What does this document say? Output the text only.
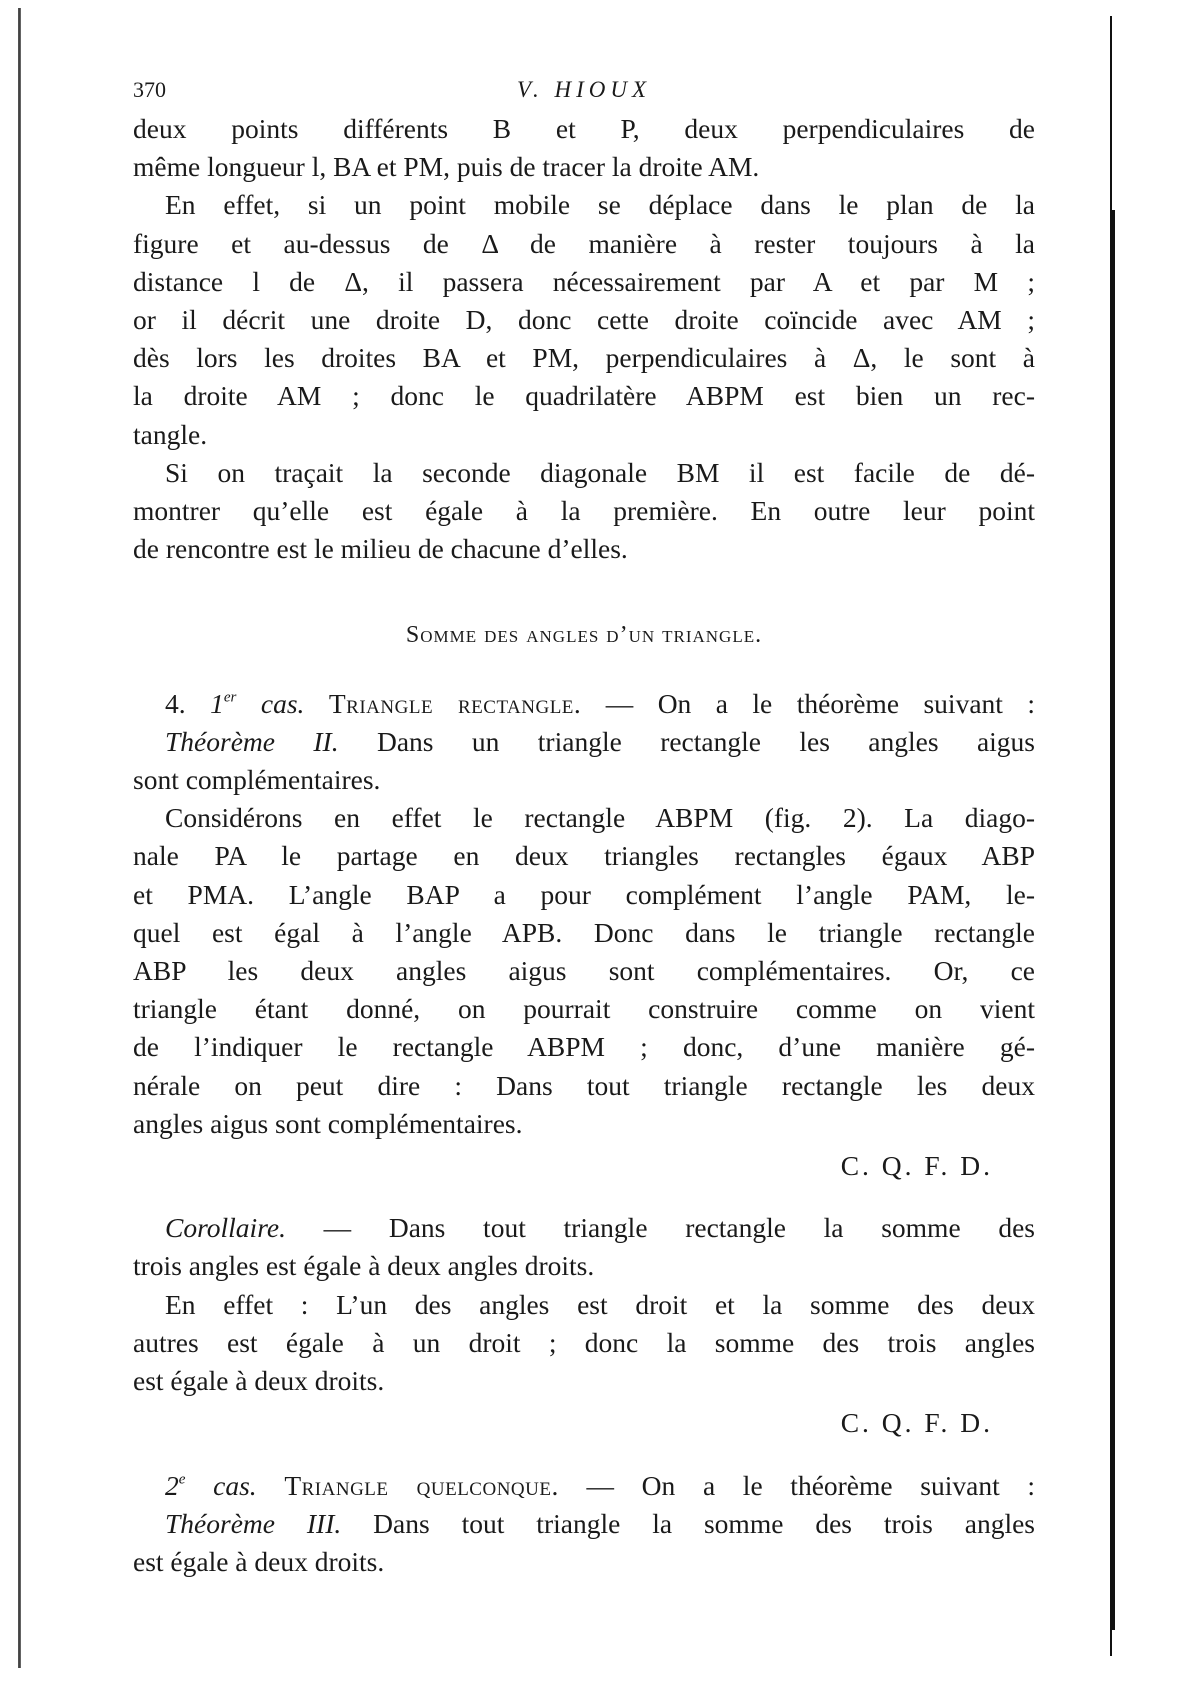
370	V. HIOUX

deux points différents B et P, deux perpendiculaires de
même longueur l, BA et PM, puis de tracer la droite AM.

En effet, si un point mobile se déplace dans le plan de la
figure et au-dessus de Δ de manière à rester toujours à la
distance l de Δ, il passera nécessairement par A et par M ;
or il décrit une droite D, donc cette droite coïncide avec AM ;
dès lors les droites BA et PM, perpendiculaires à Δ, le sont à
la droite AM ; donc le quadrilatère ABPM est bien un rec-
tangle.

Si on traçait la seconde diagonale BM il est facile de dé-
montrer qu’elle est égale à la première. En outre leur point
de rencontre est le milieu de chacune d’elles.

Somme des angles d’un triangle.

4. 1er cas. Triangle rectangle. — On a le théorème suivant :

Théorème II. Dans un triangle rectangle les angles aigus
sont complémentaires.

Considérons en effet le rectangle ABPM (fig. 2). La diago-
nale PA le partage en deux triangles rectangles égaux ABP
et PMA. L’angle BAP a pour complément l’angle PAM, le-
quel est égal à l’angle APB. Donc dans le triangle rectangle
ABP les deux angles aigus sont complémentaires. Or, ce
triangle étant donné, on pourrait construire comme on vient
de l’indiquer le rectangle ABPM ; donc, d’une manière gé-
nérale on peut dire : Dans tout triangle rectangle les deux
angles aigus sont complémentaires.

C. Q. F. D.

Corollaire. — Dans tout triangle rectangle la somme des
trois angles est égale à deux angles droits.

En effet : L’un des angles est droit et la somme des deux
autres est égale à un droit ; donc la somme des trois angles
est égale à deux droits.

C. Q. F. D.

2e cas. Triangle quelconque. — On a le théorème suivant :

Théorème III. Dans tout triangle la somme des trois angles
est égale à deux droits.
